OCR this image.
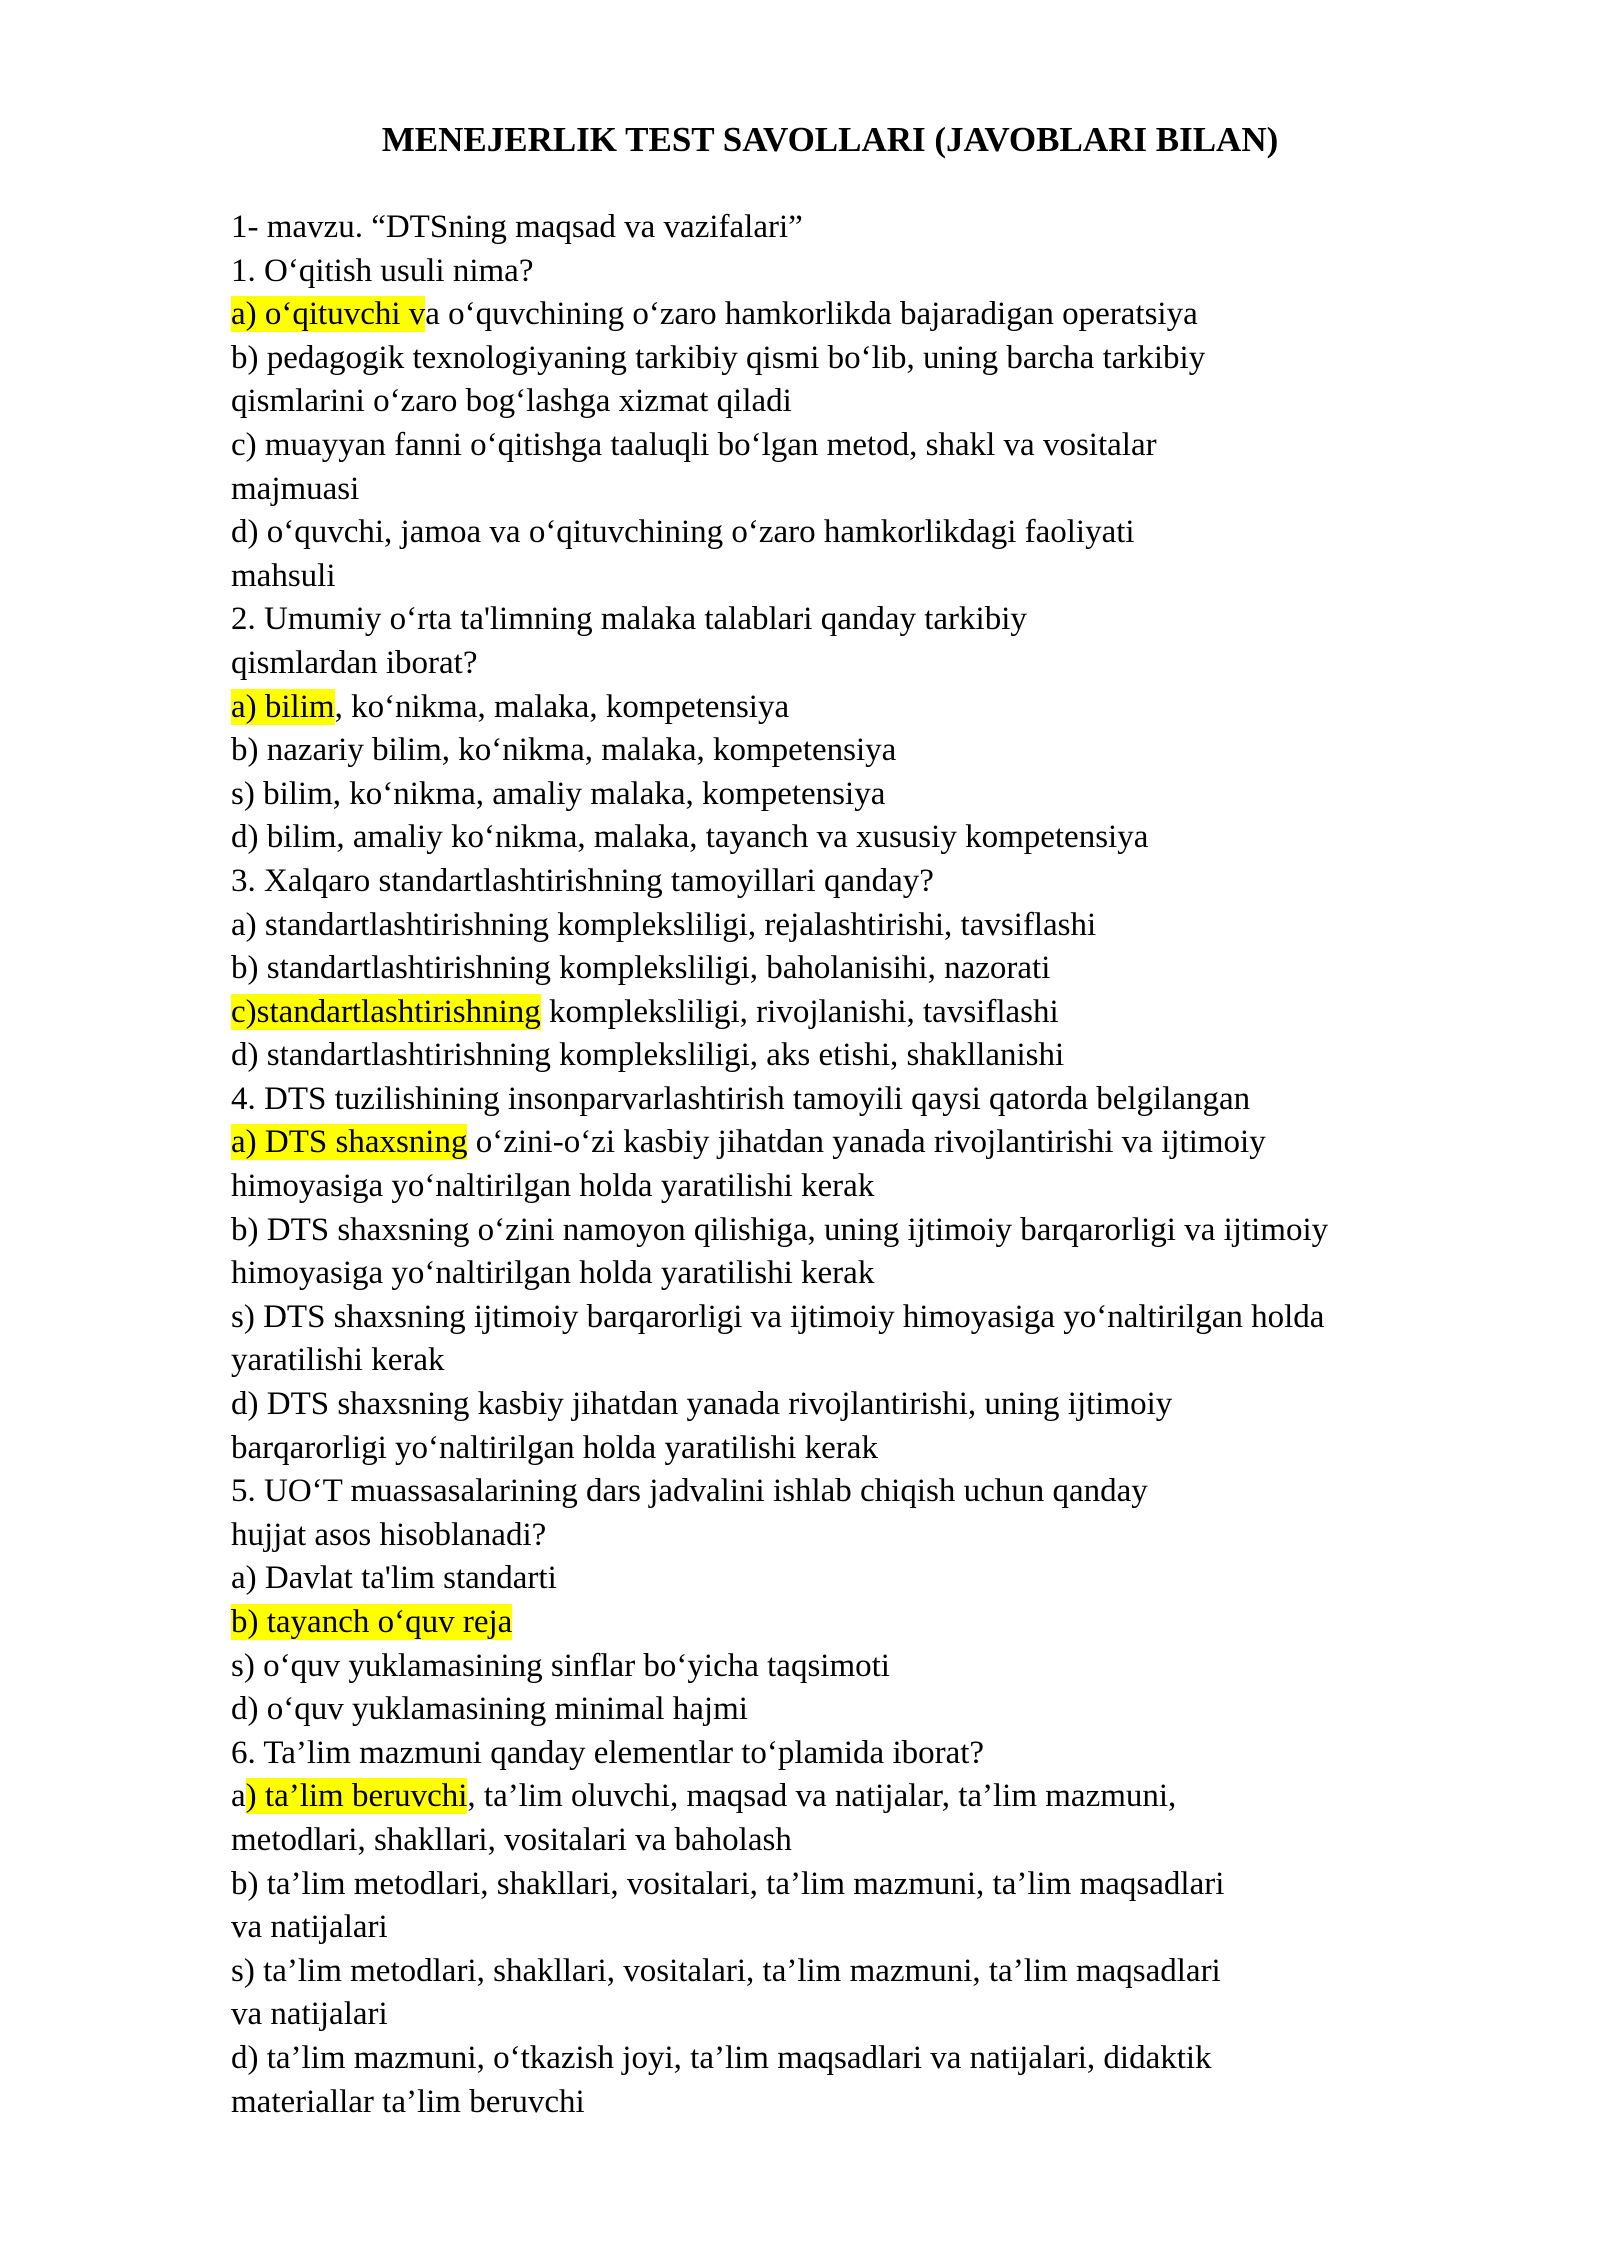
MENEJERLIK TEST SAVOLLARI (JAVOBLARI BILAN)
1- mavzu. “DTSning maqsad va vazifalari”
1. O‘qitish usuli nima?
a) o‘qituvchi va o‘quvchining o‘zaro hamkorlikda bajaradigan operatsiya
b) pedagogik texnologiyaning tarkibiy qismi bo‘lib, uning barcha tarkibiy
qismlarini o‘zaro bog‘lashga xizmat qiladi
c) muayyan fanni o‘qitishga taaluqli bo‘lgan metod, shakl va vositalar
majmuasi
d) o‘quvchi, jamoa va o‘qituvchining o‘zaro hamkorlikdagi faoliyati
mahsuli
2. Umumiy o‘rta ta'limning malaka talablari qanday tarkibiy
qismlardan iborat?
a) bilim, ko‘nikma, malaka, kompetensiya
b) nazariy bilim, ko‘nikma, malaka, kompetensiya
s) bilim, ko‘nikma, amaliy malaka, kompetensiya
d) bilim, amaliy ko‘nikma, malaka, tayanch va xususiy kompetensiya
3. Xalqaro standartlashtirishning tamoyillari qanday?
a) standartlashtirishning kompleksliligi, rejalashtirishi, tavsiflashi
b) standartlashtirishning kompleksliligi, baholanisihi, nazorati
c)standartlashtirishning kompleksliligi, rivojlanishi, tavsiflashi
d) standartlashtirishning kompleksliligi, aks etishi, shakllanishi
4. DTS tuzilishining insonparvarlashtirish tamoyili qaysi qatorda belgilangan
a) DTS shaxsning o‘zini-o‘zi kasbiy jihatdan yanada rivojlantirishi va ijtimoiy
himoyasiga yo‘naltirilgan holda yaratilishi kerak
b) DTS shaxsning o‘zini namoyon qilishiga, uning ijtimoiy barqarorligi va ijtimoiy
himoyasiga yo‘naltirilgan holda yaratilishi kerak
s) DTS shaxsning ijtimoiy barqarorligi va ijtimoiy himoyasiga yo‘naltirilgan holda
yaratilishi kerak
d) DTS shaxsning kasbiy jihatdan yanada rivojlantirishi, uning ijtimoiy
barqarorligi yo‘naltirilgan holda yaratilishi kerak
5. UO‘T muassasalarining dars jadvalini ishlab chiqish uchun qanday
hujjat asos hisoblanadi?
a) Davlat ta'lim standarti
b) tayanch o‘quv reja
s) o‘quv yuklamasining sinflar bo‘yicha taqsimoti
d) o‘quv yuklamasining minimal hajmi
6. Ta’lim mazmuni qanday elementlar to‘plamida iborat?
a) ta’lim beruvchi, ta’lim oluvchi, maqsad va natijalar, ta’lim mazmuni,
metodlari, shakllari, vositalari va baholash
b) ta’lim metodlari, shakllari, vositalari, ta’lim mazmuni, ta’lim maqsadlari
va natijalari
s) ta’lim metodlari, shakllari, vositalari, ta’lim mazmuni, ta’lim maqsadlari
va natijalari
d) ta’lim mazmuni, o‘tkazish joyi, ta’lim maqsadlari va natijalari, didaktik
materiallar ta’lim beruvchi
